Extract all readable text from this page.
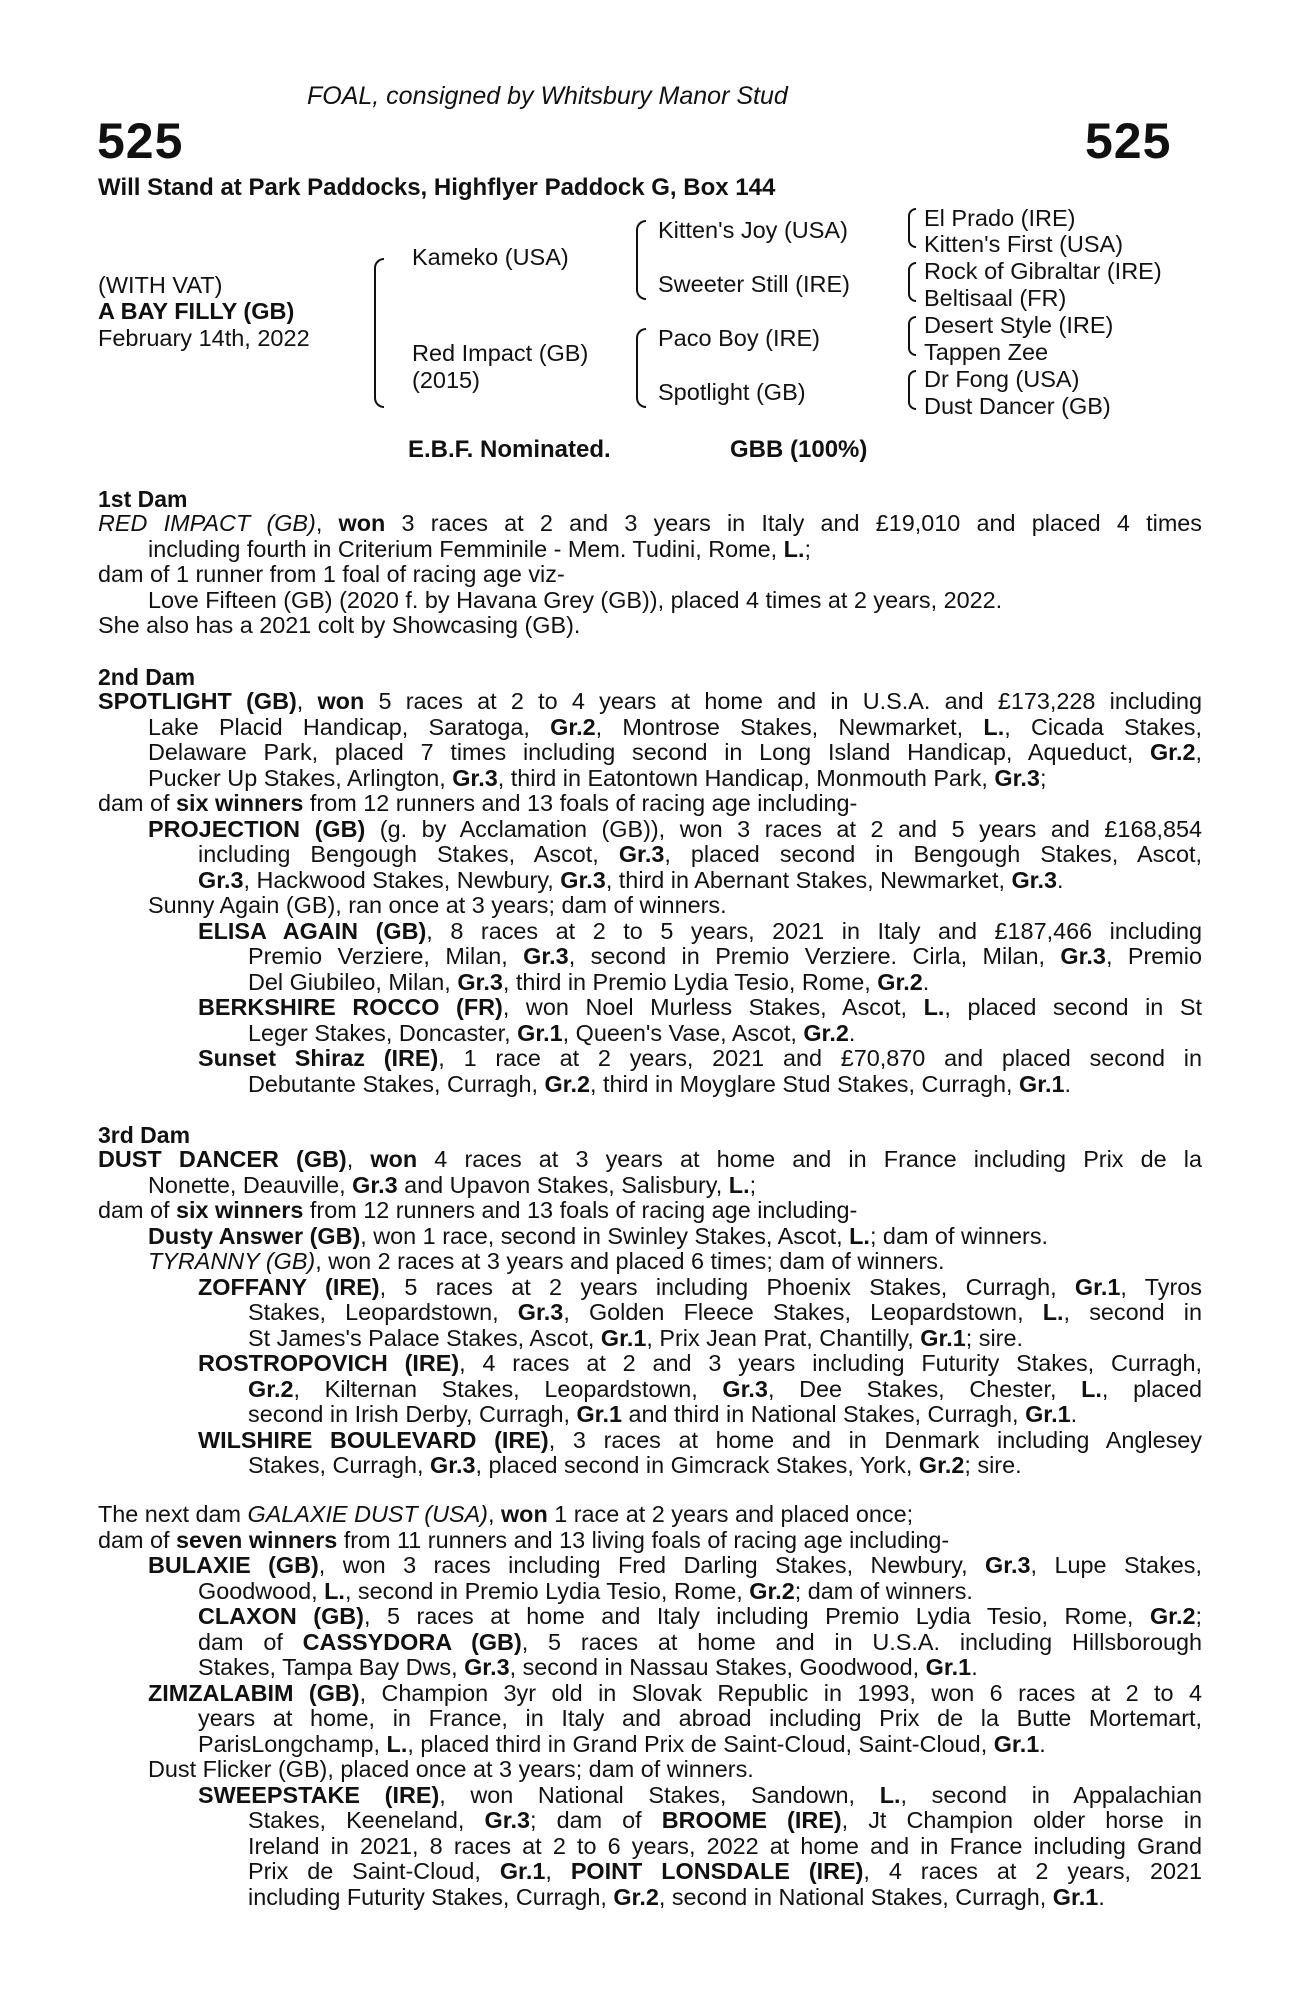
FOAL, consigned by Whitsbury Manor Stud
525	525
Will Stand at Park Paddocks, Highflyer Paddock G, Box 144
(WITH VAT)
A BAY FILLY (GB)
February 14th, 2022
Kameko (USA)
Red Impact (GB)
(2015)
Kitten's Joy (USA)
Sweeter Still (IRE)
Paco Boy (IRE)
Spotlight (GB)
El Prado (IRE)
Kitten's First (USA)
Rock of Gibraltar (IRE)
Beltisaal (FR)
Desert Style (IRE)
Tappen Zee
Dr Fong (USA)
Dust Dancer (GB)
E.B.F. Nominated.	GBB (100%)
1st Dam
RED IMPACT (GB), won 3 races at 2 and 3 years in Italy and £19,010 and placed 4 times
including fourth in Criterium Femminile - Mem. Tudini, Rome, L.;
dam of 1 runner from 1 foal of racing age viz-
Love Fifteen (GB) (2020 f. by Havana Grey (GB)), placed 4 times at 2 years, 2022.
She also has a 2021 colt by Showcasing (GB).
2nd Dam
SPOTLIGHT (GB), won 5 races at 2 to 4 years at home and in U.S.A. and £173,228 including
Lake Placid Handicap, Saratoga, Gr.2, Montrose Stakes, Newmarket, L., Cicada Stakes,
Delaware Park, placed 7 times including second in Long Island Handicap, Aqueduct, Gr.2,
Pucker Up Stakes, Arlington, Gr.3, third in Eatontown Handicap, Monmouth Park, Gr.3;
dam of six winners from 12 runners and 13 foals of racing age including-
PROJECTION (GB) (g. by Acclamation (GB)), won 3 races at 2 and 5 years and £168,854
including Bengough Stakes, Ascot, Gr.3, placed second in Bengough Stakes, Ascot,
Gr.3, Hackwood Stakes, Newbury, Gr.3, third in Abernant Stakes, Newmarket, Gr.3.
Sunny Again (GB), ran once at 3 years; dam of winners.
ELISA AGAIN (GB), 8 races at 2 to 5 years, 2021 in Italy and £187,466 including
Premio Verziere, Milan, Gr.3, second in Premio Verziere. Cirla, Milan, Gr.3, Premio
Del Giubileo, Milan, Gr.3, third in Premio Lydia Tesio, Rome, Gr.2.
BERKSHIRE ROCCO (FR), won Noel Murless Stakes, Ascot, L., placed second in St
Leger Stakes, Doncaster, Gr.1, Queen's Vase, Ascot, Gr.2.
Sunset Shiraz (IRE), 1 race at 2 years, 2021 and £70,870 and placed second in
Debutante Stakes, Curragh, Gr.2, third in Moyglare Stud Stakes, Curragh, Gr.1.
3rd Dam
DUST DANCER (GB), won 4 races at 3 years at home and in France including Prix de la
Nonette, Deauville, Gr.3 and Upavon Stakes, Salisbury, L.;
dam of six winners from 12 runners and 13 foals of racing age including-
Dusty Answer (GB), won 1 race, second in Swinley Stakes, Ascot, L.; dam of winners.
TYRANNY (GB), won 2 races at 3 years and placed 6 times; dam of winners.
ZOFFANY (IRE), 5 races at 2 years including Phoenix Stakes, Curragh, Gr.1, Tyros
Stakes, Leopardstown, Gr.3, Golden Fleece Stakes, Leopardstown, L., second in
St James's Palace Stakes, Ascot, Gr.1, Prix Jean Prat, Chantilly, Gr.1; sire.
ROSTROPOVICH (IRE), 4 races at 2 and 3 years including Futurity Stakes, Curragh,
Gr.2, Kilternan Stakes, Leopardstown, Gr.3, Dee Stakes, Chester, L., placed
second in Irish Derby, Curragh, Gr.1 and third in National Stakes, Curragh, Gr.1.
WILSHIRE BOULEVARD (IRE), 3 races at home and in Denmark including Anglesey
Stakes, Curragh, Gr.3, placed second in Gimcrack Stakes, York, Gr.2; sire.
The next dam GALAXIE DUST (USA), won 1 race at 2 years and placed once;
dam of seven winners from 11 runners and 13 living foals of racing age including-
BULAXIE (GB), won 3 races including Fred Darling Stakes, Newbury, Gr.3, Lupe Stakes,
Goodwood, L., second in Premio Lydia Tesio, Rome, Gr.2; dam of winners.
CLAXON (GB), 5 races at home and Italy including Premio Lydia Tesio, Rome, Gr.2;
dam of CASSYDORA (GB), 5 races at home and in U.S.A. including Hillsborough
Stakes, Tampa Bay Dws, Gr.3, second in Nassau Stakes, Goodwood, Gr.1.
ZIMZALABIM (GB), Champion 3yr old in Slovak Republic in 1993, won 6 races at 2 to 4
years at home, in France, in Italy and abroad including Prix de la Butte Mortemart,
ParisLongchamp, L., placed third in Grand Prix de Saint-Cloud, Saint-Cloud, Gr.1.
Dust Flicker (GB), placed once at 3 years; dam of winners.
SWEEPSTAKE (IRE), won National Stakes, Sandown, L., second in Appalachian
Stakes, Keeneland, Gr.3; dam of BROOME (IRE), Jt Champion older horse in
Ireland in 2021, 8 races at 2 to 6 years, 2022 at home and in France including Grand
Prix de Saint-Cloud, Gr.1, POINT LONSDALE (IRE), 4 races at 2 years, 2021
including Futurity Stakes, Curragh, Gr.2, second in National Stakes, Curragh, Gr.1.
